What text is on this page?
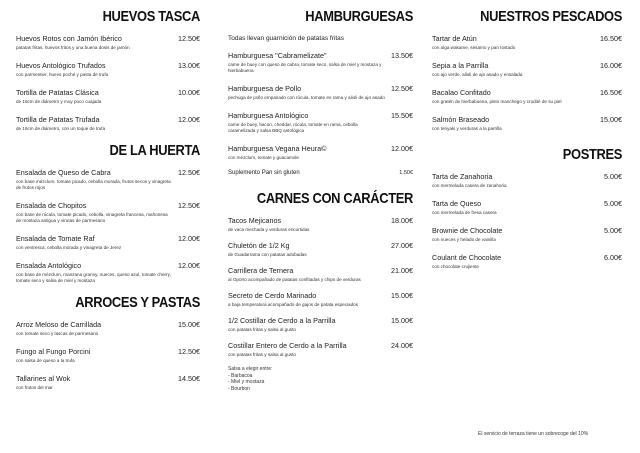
HUEVOS TASCA
Huevos Rotos con Jamón Ibérico
patatas fritas, huevos fritos y una buena dosis de jamón
12.50€
Huevos Antológico Trufados
con parmentier, huevo poché y pasta de trufa
13.00€
Tortilla de Patatas Clásica
de 16cm de diámetro y muy poco cuajada
10.00€
Tortilla de Patatas Trufada
de 16cm de diámetro, con un toque de trufa
12.00€
DE LA HUERTA
Ensalada de Queso de Cabra
con base mézclum, tomate picado, cebolla morada, frutos secos y vinagreta de frutos rojos
12.50€
Ensalada de Chopitos
con base de rúcula, tomate picado, cebolla, vinagreta francesa, mahonesa de mostaza antigua y virutas de parmesano
12.50€
Ensalada de Tomate Raf
con ventresca, cebolla morada y vinagreta de Jerez
12.00€
Ensalada Antológico
con base de mézclum, manzana granny, nueces, queso azul, tomate cherry, tomate seco y salsa de miel y mostaza
12.00€
ARROCES Y PASTAS
Arroz Meloso de Carrillada
con tomate seco y lascas de parmesano
15.00€
Fungo al Fungo Porcini
con salsa de queso a la trufa
12.50€
Tallarines al Wok
con frutos del mar
14.50€
HAMBURGUESAS
Todas llevan guarnición de patatas fritas
Hamburguesa "Cabramelizate"
carne de buey con queso de cabra, tomate seco, salsa de miel y mostaza y hierbabuena
13.50€
Hamburguesa de Pollo
pechuga de pollo empanado con rúcula, tomate en rama y alioli de ajo asado
12.50€
Hamburguesa Antológico
carne de buey, bacon, cheddar, rúcula, tomate en rama, cebolla caramelizada y salsa BBQ antológica
15.50€
Hamburguesa Vegana Heura©
con mézclum, tomate y guacamole
12.00€
Suplemento Pan sin gluten	1.50€
CARNES CON CARÁCTER
Tacos Mejicanos
de vaca mechada y verduras encurtidas
18.00€
Chuletón de 1/2 Kg
de Guadarrama con patatas adobadas
27.00€
Carrillera de Ternera
al Oporto acompañado de patatas confitadas y chips de verduras
21.00€
Secreto de Cerdo Marinado
a baja temperatura acompañado de gajos de patata especiados
15.00€
1/2 Costillar de Cerdo a la Parrilla
con patatas fritas y salsa al gusto
15.00€
Costillar Entero de Cerdo a la Parrilla
con patatas fritas y salsa al gusto
24.00€
Salsa a elegir entre:
- Barbacoa
- Miel y mostaza
- Bourbon
NUESTROS PESCADOS
Tartar de Atún
con alga wakame, sésamo y pan tostado
16.50€
Sepia a la Parrilla
con ajo verde, alioli de ajo asado y ensalada
16.00€
Bacalao Confitado
con gratén de hierbabuena, pisto manchego y crudité de su piel
16.50€
Salmón Braseado
con teriyaki y verduras a la parrilla
15.00€
POSTRES
Tarta de Zanahoria
con mermelada casera de zanahoria
5.00€
Tarta de Queso
con mermelada de fresa casera
5.00€
Brownie de Chocolate
con nueces y helado de vainilla
5.00€
Coulant de Chocolate
con chocolate crujiente
6.00€
El servicio de terraza tiene un sobrecoge del 10%
